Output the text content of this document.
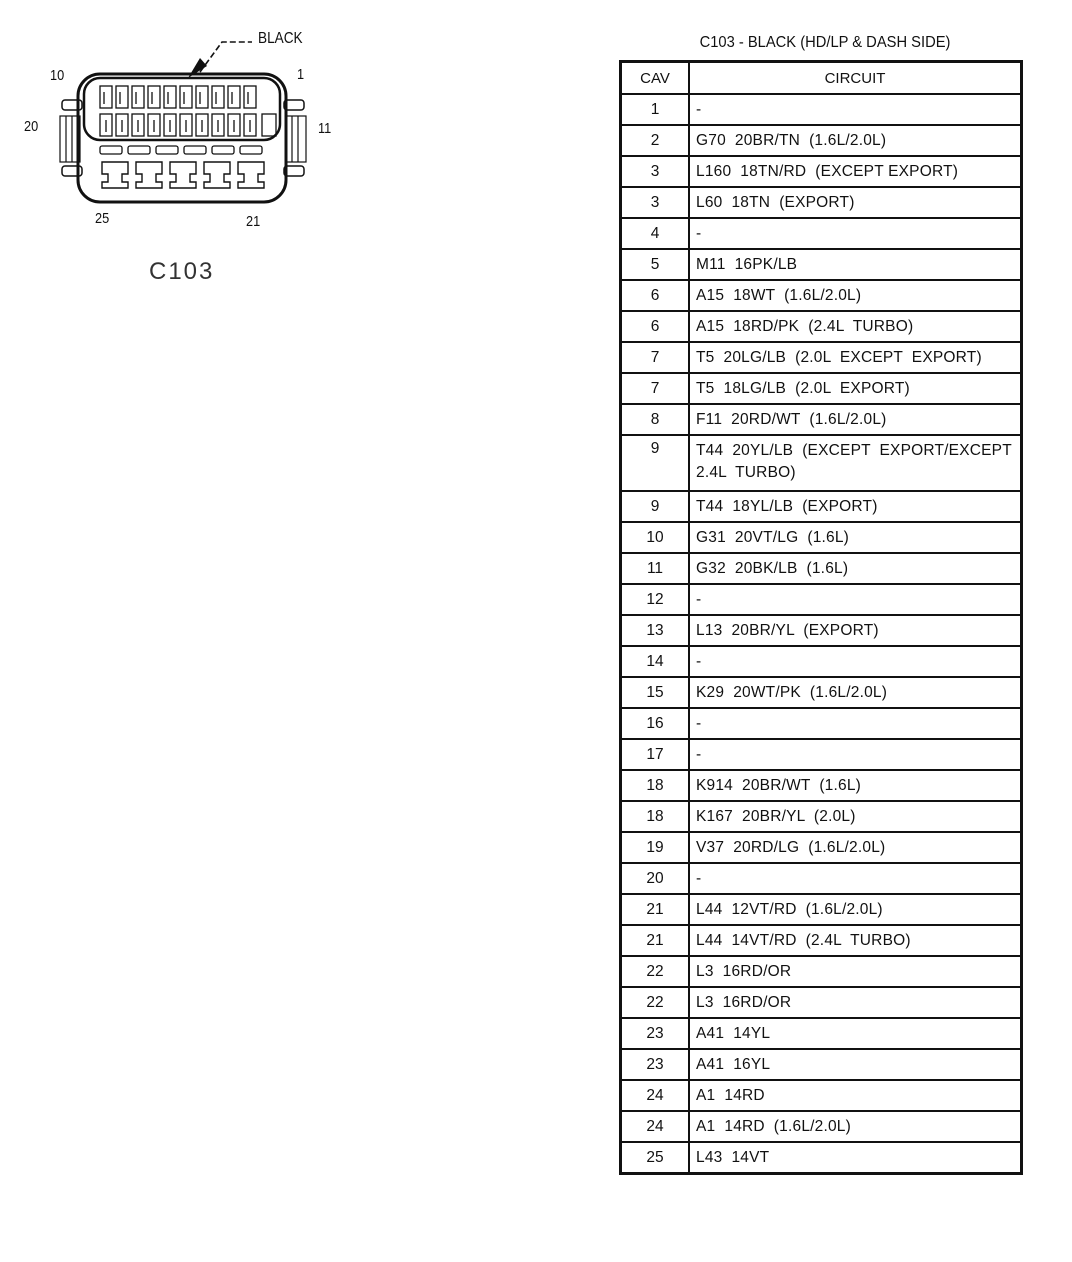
BLACK
10	1
20	11
25	21
C103
C103 - BLACK (HD/LP & DASH SIDE)
CAV	CIRCUIT
1	-
2	G70  20BR/TN  (1.6L/2.0L)
3	L160  18TN/RD  (EXCEPT EXPORT)
3	L60  18TN  (EXPORT)
4	-
5	M11  16PK/LB
6	A15  18WT  (1.6L/2.0L)
6	A15  18RD/PK  (2.4L  TURBO)
7	T5  20LG/LB  (2.0L  EXCEPT  EXPORT)
7	T5  18LG/LB  (2.0L  EXPORT)
8	F11  20RD/WT  (1.6L/2.0L)
9	T44  20YL/LB  (EXCEPT  EXPORT/EXCEPT  2.4L  TURBO)
9	T44  18YL/LB  (EXPORT)
10	G31  20VT/LG  (1.6L)
11	G32  20BK/LB  (1.6L)
12	-
13	L13  20BR/YL  (EXPORT)
14	-
15	K29  20WT/PK  (1.6L/2.0L)
16	-
17	-
18	K914  20BR/WT  (1.6L)
18	K167  20BR/YL  (2.0L)
19	V37  20RD/LG  (1.6L/2.0L)
20	-
21	L44  12VT/RD  (1.6L/2.0L)
21	L44  14VT/RD  (2.4L  TURBO)
22	L3  16RD/OR
22	L3  16RD/OR
23	A41  14YL
23	A41  16YL
24	A1  14RD
24	A1  14RD  (1.6L/2.0L)
25	L43  14VT
